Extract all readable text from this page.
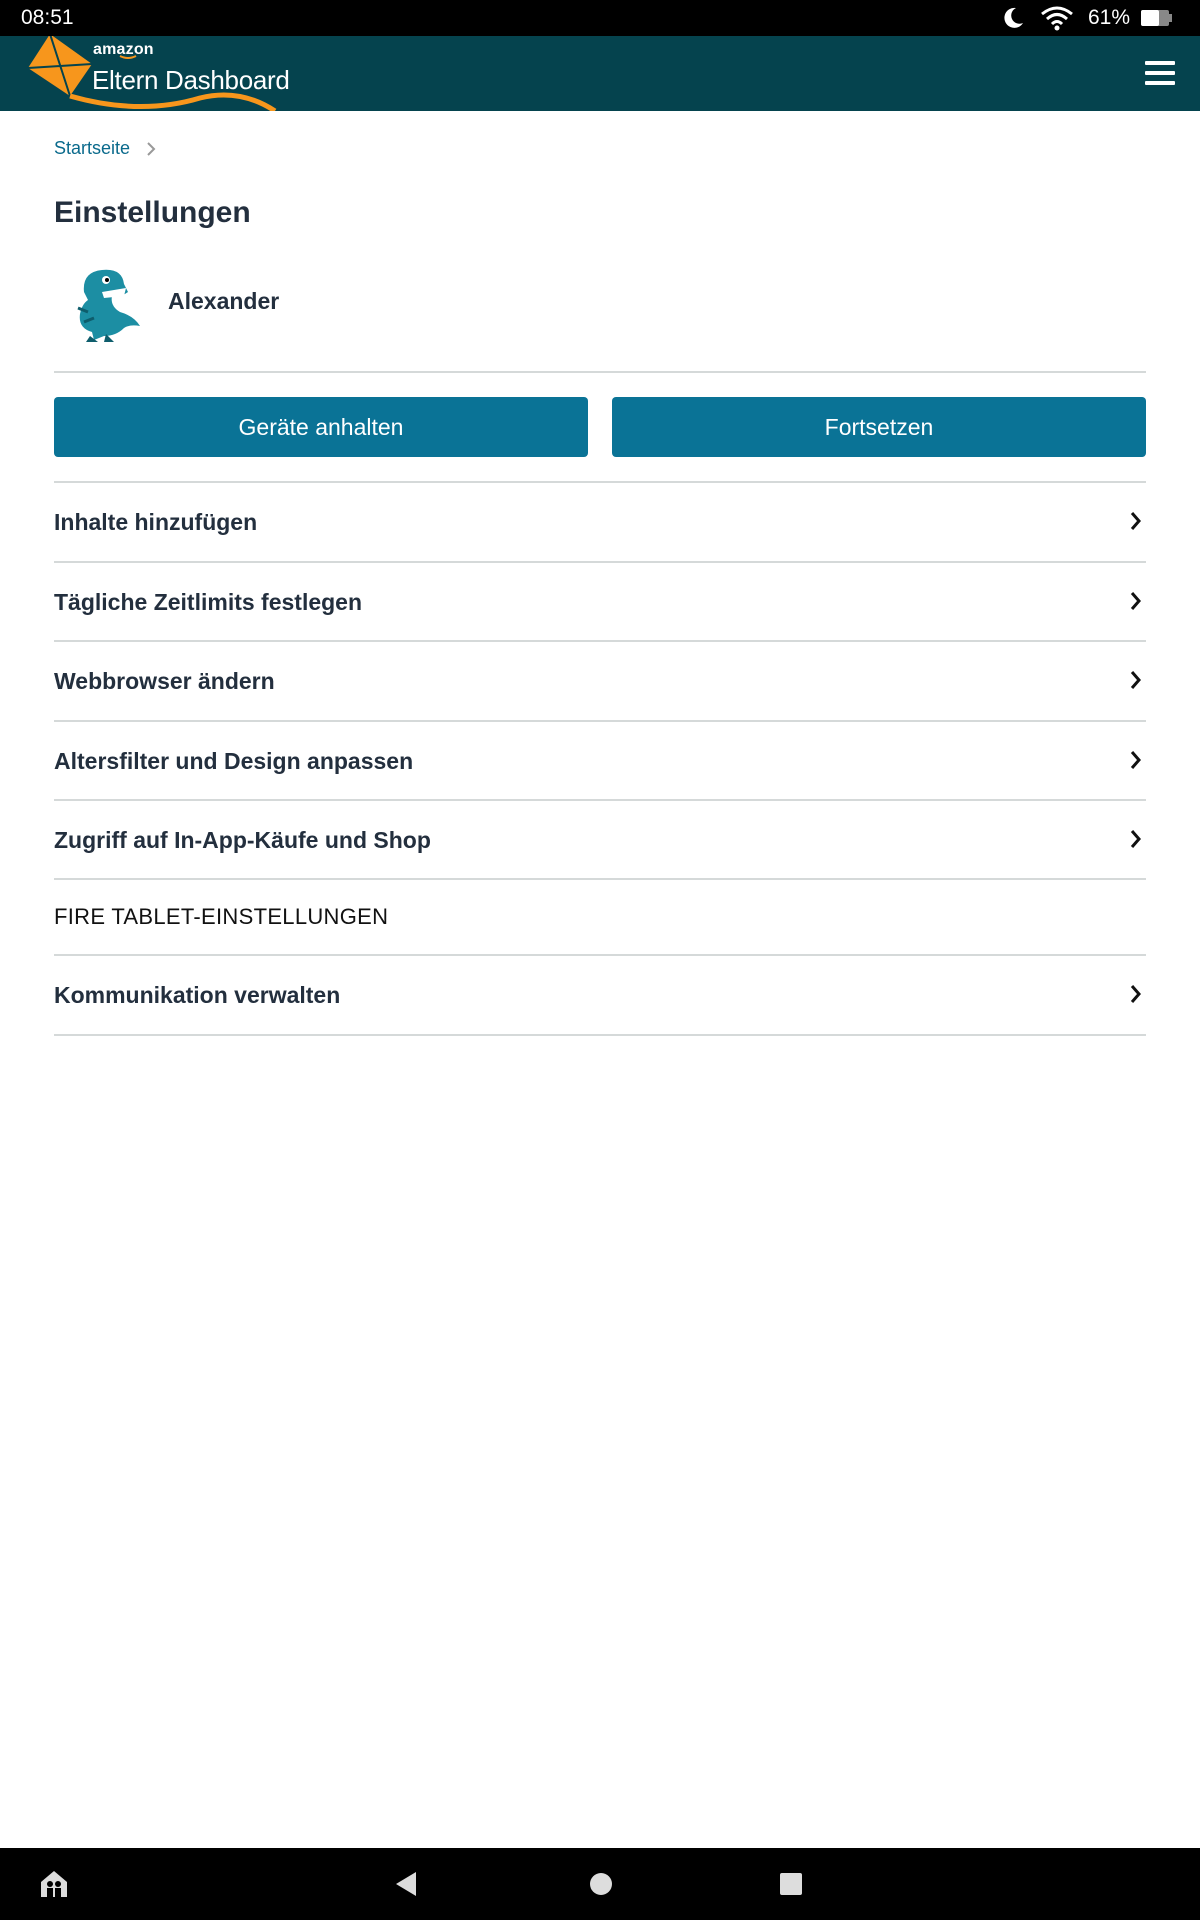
08:51	61%
amazon
Eltern Dashboard
Startseite
Einstellungen
Alexander
Geräte anhalten	Fortsetzen
Inhalte hinzufügen
Tägliche Zeitlimits festlegen
Webbrowser ändern
Altersfilter und Design anpassen
Zugriff auf In-App-Käufe und Shop
FIRE TABLET-EINSTELLUNGEN
Kommunikation verwalten
